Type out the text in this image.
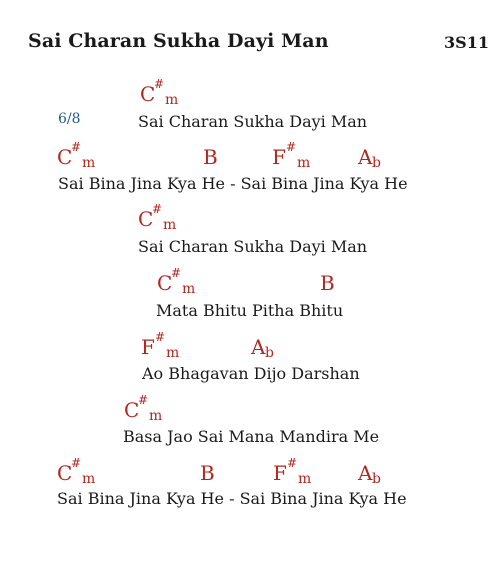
Sai Charan Sukha Dayi Man	3S11
6/8	Sai Charan Sukha Dayi Man
C
#
m
Sai Bina Jina Kya He - Sai Bina Jina Kya He
C
#
m	B	F #
m A b
Sai Charan Sukha Dayi Man
C
#
m
Mata Bhitu Pitha Bhitu
C
#
m	B
Ao Bhagavan Dijo Darshan
F #
m	A b
Basa Jao Sai Mana Mandira Me
C
#
m
Sai Bina Jina Kya He - Sai Bina Jina Kya He
C
#
m	B	F #
m A b
